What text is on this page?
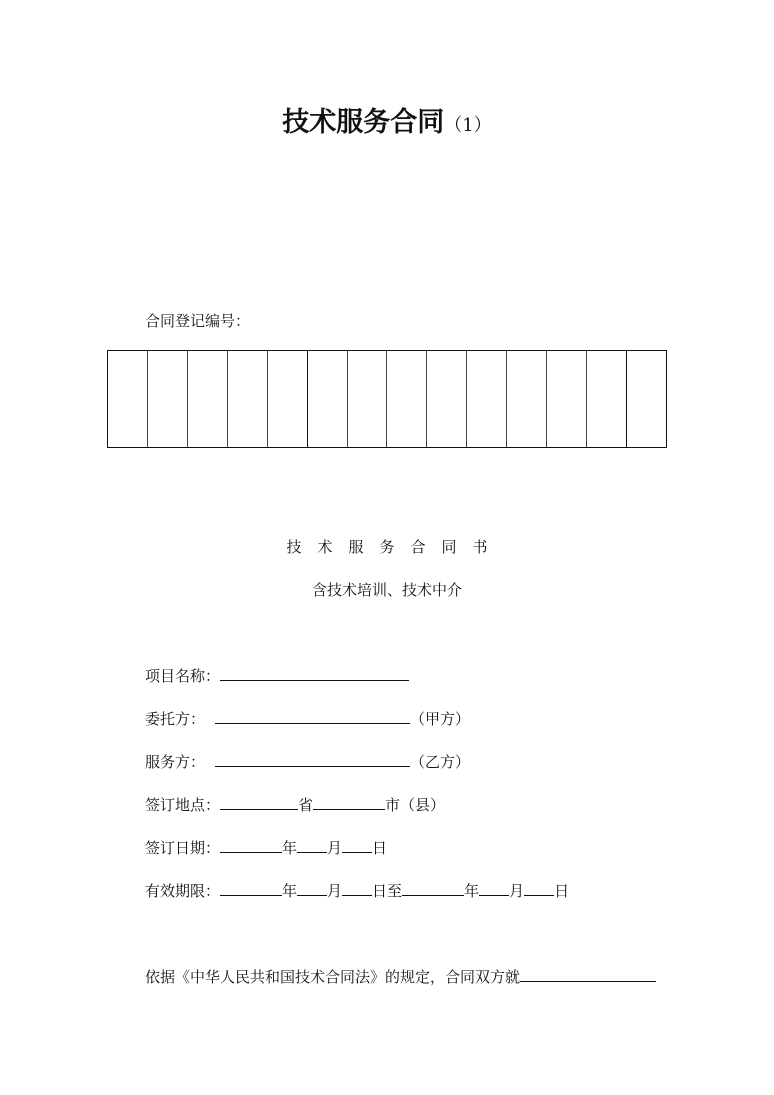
技术服务合同（1）
合同登记编号：
技术服务合同书
含技术培训、技术中介
项目名称：
委托方：	（甲方）
服务方：	（乙方）
签订地点：	省	市（县）
签订日期：	年 月 日
有效期限：	年 月 日至	年 月 日
依据《中华人民共和国技术合同法》的规定，合同双方就
